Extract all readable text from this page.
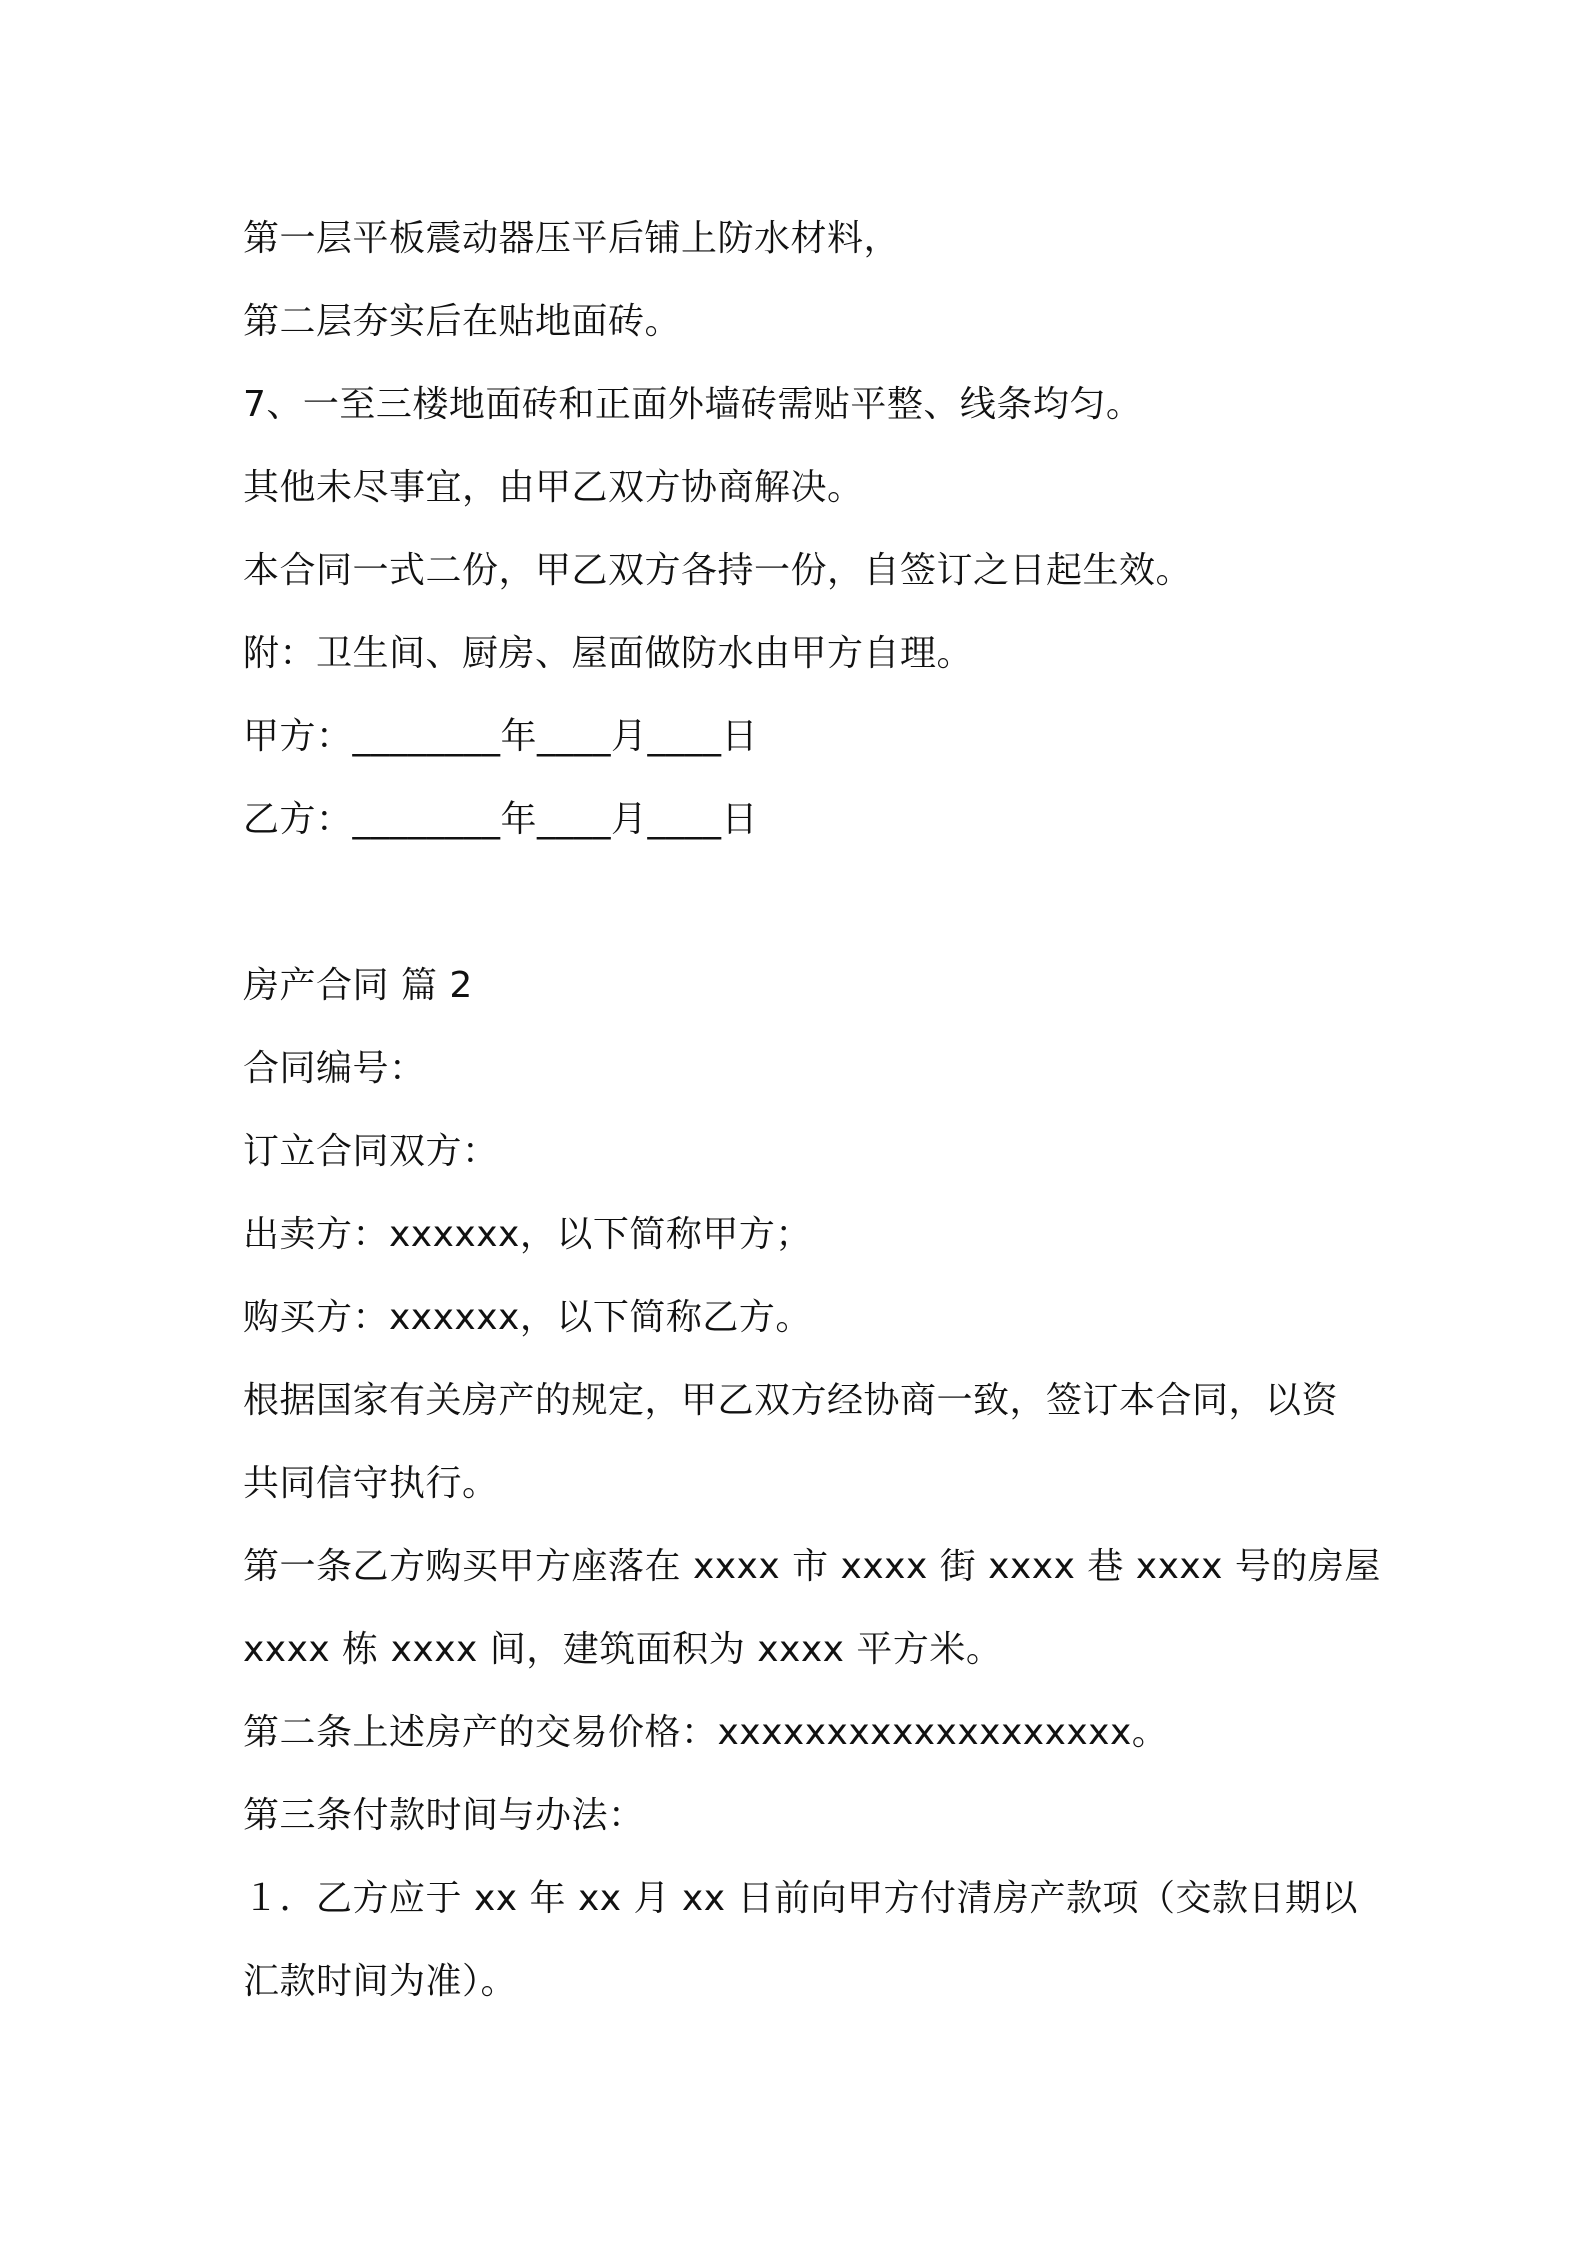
第一层平板震动器压平后铺上防水材料，
第二层夯实后在贴地面砖。
7、一至三楼地面砖和正面外墙砖需贴平整、线条均匀。
其他未尽事宜，由甲乙双方协商解决。
本合同一式二份，甲乙双方各持一份，自签订之日起生效。
附：卫生间、厨房、屋面做防水由甲方自理。
甲方：________年____月____日
乙方：________年____月____日
房产合同 篇 2
合同编号：
订立合同双方：
出卖方：xxxxxx，以下简称甲方；
购买方：xxxxxx，以下简称乙方。
根据国家有关房产的规定，甲乙双方经协商一致，签订本合同，以资
共同信守执行。
第一条乙方购买甲方座落在 xxxx 市 xxxx 街 xxxx 巷 xxxx 号的房屋
xxxx 栋 xxxx 间，建筑面积为 xxxx 平方米。
第二条上述房产的交易价格：xxxxxxxxxxxxxxxxxxx。
第三条付款时间与办法：
１．乙方应于 xx 年 xx 月 xx 日前向甲方付清房产款项（交款日期以
汇款时间为准）。
